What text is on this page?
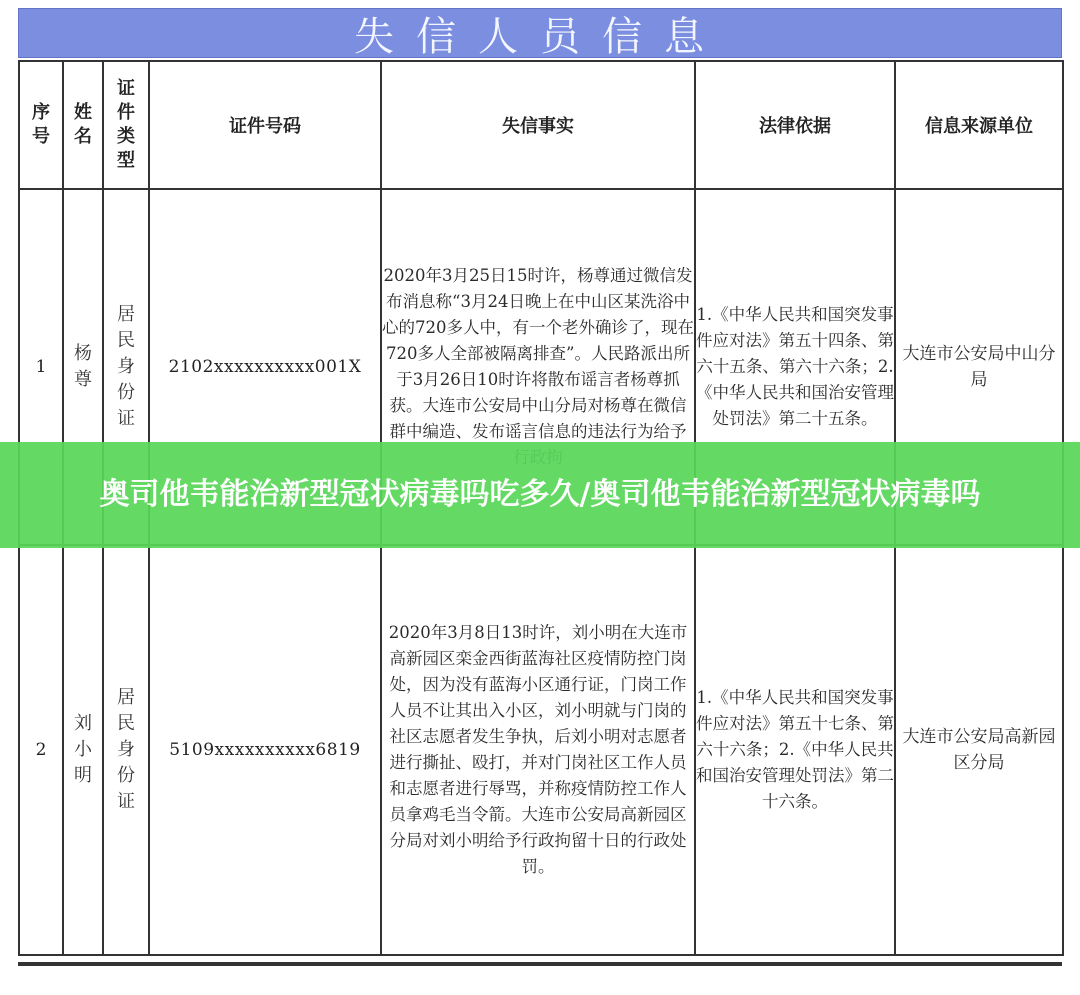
失信人员信息
序号	姓名	证件类型	证件号码	失信事实	法律依据	信息来源单位
1	杨尊	居民身份证	2102xxxxxxxxxx001X	2020年3月25日15时许，杨尊通过微信发布消息称“3月24日晚上在中山区某洗浴中心的720多人中，有一个老外确诊了，现在720多人全部被隔离排查”。人民路派出所于3月26日10时许将散布谣言者杨尊抓获。大连市公安局中山分局对杨尊在微信群中编造、发布谣言信息的违法行为给予	1.《中华人民共和国突发事件应对法》第五十四条、第六十五条、第六十六条；2.《中华人民共和国治安管理处罚法》第二十五条。	大连市公安局中山分局
2	刘小明	居民身份证	5109xxxxxxxxxx6819	2020年3月8日13时许，刘小明在大连市高新园区栾金西街蓝海社区疫情防控门岗处，因为没有蓝海小区通行证，门岗工作人员不让其出入小区，刘小明就与门岗的社区志愿者发生争执，后刘小明对志愿者进行撕扯、殴打，并对门岗社区工作人员和志愿者进行辱骂，并称疫情防控工作人员拿鸡毛当令箭。大连市公安局高新园区分局对刘小明给予行政拘留十日的行政处罚。	1.《中华人民共和国突发事件应对法》第五十七条、第六十六条；2.《中华人民共和国治安管理处罚法》第二十六条。	大连市公安局高新园区分局
奥司他韦能治新型冠状病毒吗吃多久/奥司他韦能治新型冠状病毒吗
